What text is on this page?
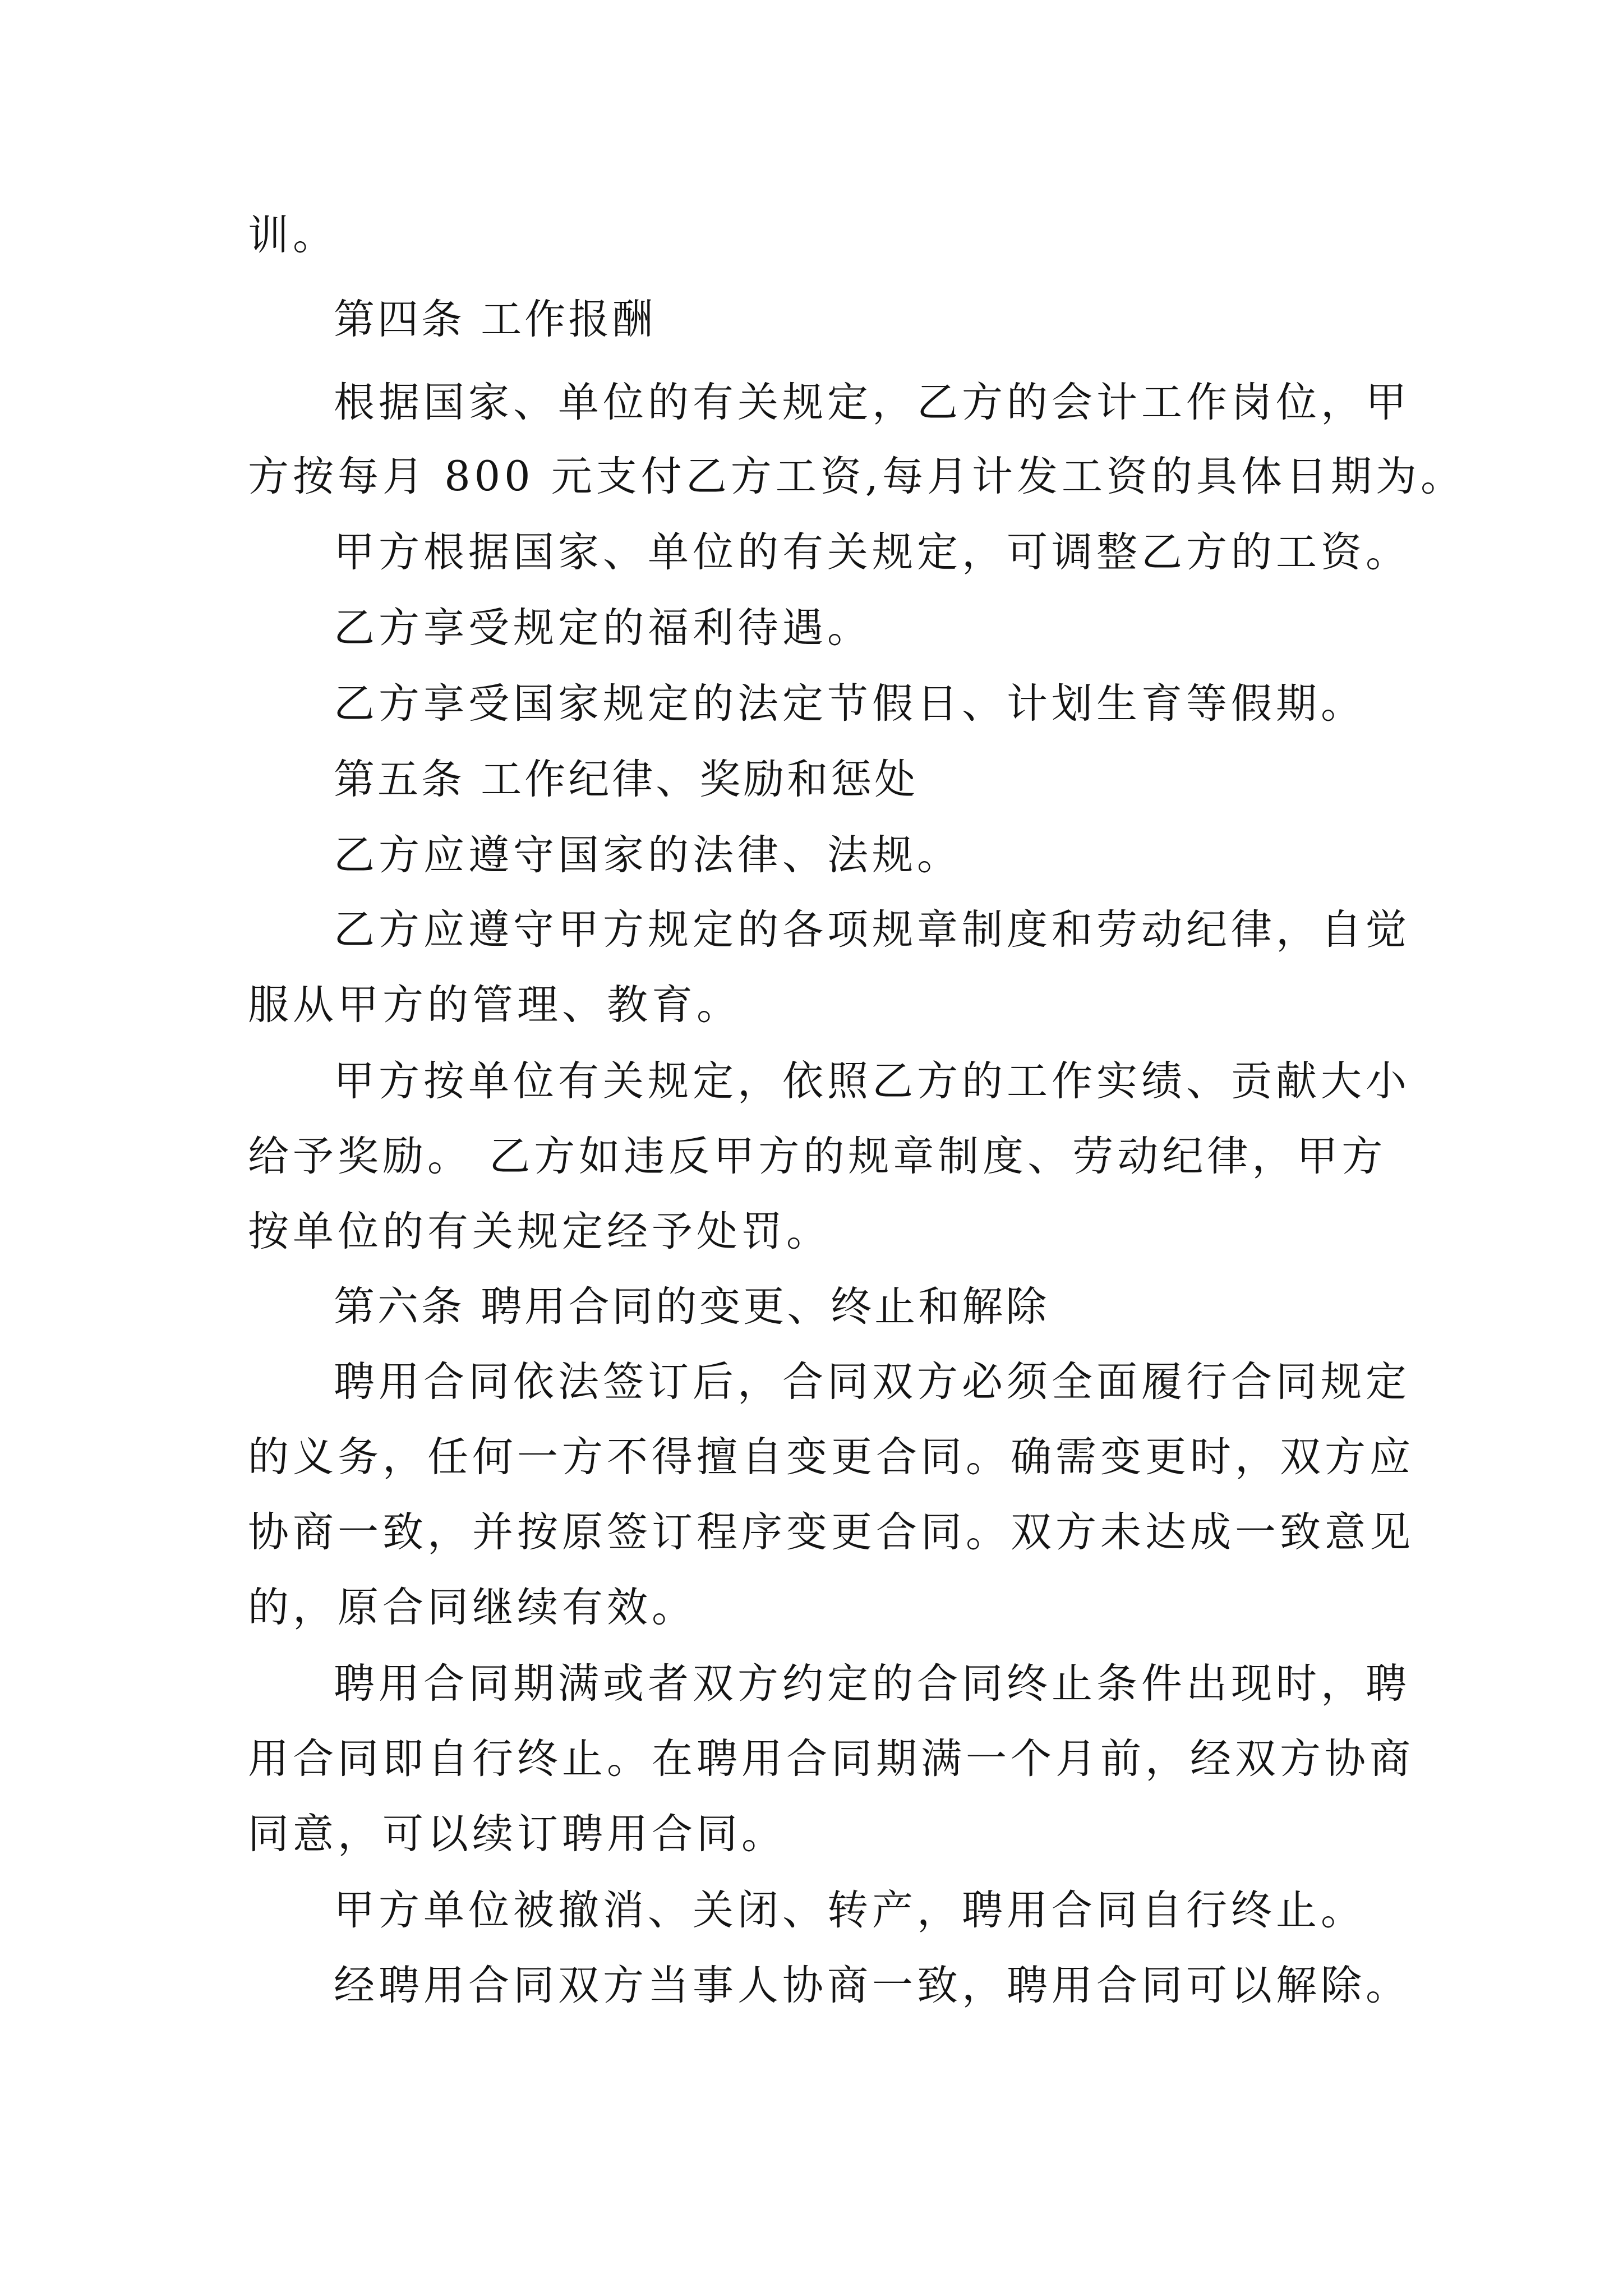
训。
第四条 工作报酬
根据国家、单位的有关规定，乙方的会计工作岗位，甲
方按每月 800 元支付乙方工资,每月计发工资的具体日期为。
甲方根据国家、单位的有关规定，可调整乙方的工资。
乙方享受规定的福利待遇。
乙方享受国家规定的法定节假日、计划生育等假期。
第五条 工作纪律、奖励和惩处
乙方应遵守国家的法律、法规。
乙方应遵守甲方规定的各项规章制度和劳动纪律，自觉
服从甲方的管理、教育。
甲方按单位有关规定，依照乙方的工作实绩、贡献大小
给予奖励。 乙方如违反甲方的规章制度、劳动纪律，甲方
按单位的有关规定经予处罚。
第六条 聘用合同的变更、终止和解除
聘用合同依法签订后，合同双方必须全面履行合同规定
的义务，任何一方不得擅自变更合同。确需变更时，双方应
协商一致，并按原签订程序变更合同。双方未达成一致意见
的，原合同继续有效。
聘用合同期满或者双方约定的合同终止条件出现时，聘
用合同即自行终止。在聘用合同期满一个月前，经双方协商
同意，可以续订聘用合同。
甲方单位被撤消、关闭、转产，聘用合同自行终止。
经聘用合同双方当事人协商一致，聘用合同可以解除。
